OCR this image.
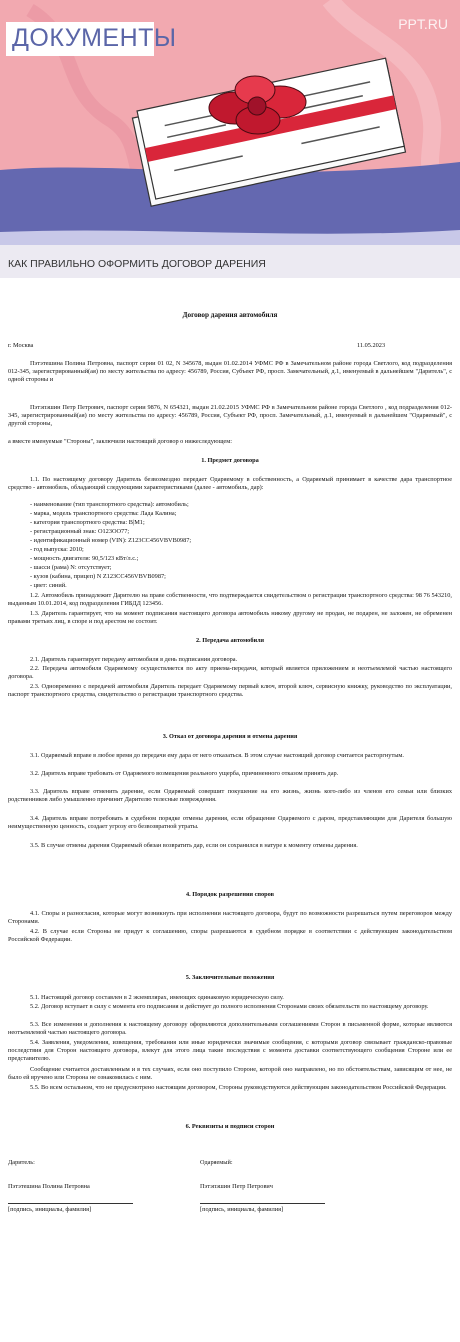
ДОКУМЕНТЫ	PPT.RU
КАК ПРАВИЛЬНО ОФОРМИТЬ ДОГОВОР ДАРЕНИЯ

Договор дарения автомобиля

г. Москва	11.05.2023

Пэтэтешина Полина Петровна, паспорт серии 01 02, N 345678, выдан 01.02.2014 УФМС РФ в Замечательном районе города Светлого, код подразделения 012-345, зарегистрированный(ая) по месту жительства по адресу: 456789, Россия, Субъект РФ, просп. Замечательный, д.1, именуемый в дальнейшем "Даритель", с одной стороны и

Пэтэпэшин Петр Петрович, паспорт серии 9876, N 654321, выдан 21.02.2015 УФМС РФ в Замечательном районе города Светлого , код подразделения 012-345, зарегистрированный(ая) по месту жительства по адресу: 456789, Россия, Субъект РФ, просп. Замечательный, д.1, именуемый в дальнейшем "Одаряемый", с другой стороны,

а вместе именуемые "Стороны", заключили настоящий договор о нижеследующем:

1. Предмет договора

1.1. По настоящему договору Даритель безвозмездно передает Одаряемому в собственность, а Одаряемый принимает в качестве дара транспортное средство - автомобиль, обладающий следующими характеристиками (далее - автомобиль, дар):

- наименование (тип транспортного средства): автомобиль;
- марка, модель транспортного средства: Лада Калина;
- категория транспортного средства: B|M1;
- регистрационный знак: О123ОО77;
- идентификационный номер (VIN): Z123CC456VBVB0987;
- год выпуска: 2010;
- мощность двигателя: 90,5/123 кВт/л.с.;
- шасси (рама) N: отсутствует;
- кузов (кабина, прицеп) N Z123CC456VBVB0987;
- цвет: синий.

1.2. Автомобиль принадлежит Дарителю на праве собственности, что подтверждается свидетельством о регистрации транспортного средства: 98 76 543210, выданным 10.01.2014, код подразделения ГИБДД 123456.

1.3. Даритель гарантирует, что на момент подписания настоящего договора автомобиль никому другому не продан, не подарен, не заложен, не обременен правами третьих лиц, в споре и под арестом не состоит.

2. Передача автомобиля

2.1. Даритель гарантирует передачу автомобиля в день подписания договора.

2.2. Передача автомобиля Одаряемому осуществляется по акту приема-передачи, который является приложением и неотъемлемой частью настоящего договора.

2.3. Одновременно с передачей автомобиля Даритель передает Одаряемому первый ключ, второй ключ, сервисную книжку, руководство по эксплуатации, паспорт транспортного средства, свидетельство о регистрации транспортного средства.

3. Отказ от договора дарения и отмена дарения

3.1. Одаряемый вправе в любое время до передачи ему дара от него отказаться. В этом случае настоящий договор считается расторгнутым.

3.2. Даритель вправе требовать от Одаряемого возмещения реального ущерба, причиненного отказом принять дар.

3.3. Даритель вправе отменить дарение, если Одаряемый совершит покушение на его жизнь, жизнь кого-либо из членов его семьи или близких родственников либо умышленно причинит Дарителю телесные повреждения.

3.4. Даритель вправе потребовать в судебном порядке отмены дарения, если обращение Одаряемого с даром, представляющим для Дарителя большую неимущественную ценность, создает угрозу его безвозвратной утраты.

3.5. В случае отмены дарения Одаряемый обязан возвратить дар, если он сохранился в натуре к моменту отмены дарения.

4. Порядок разрешения споров

4.1. Споры и разногласия, которые могут возникнуть при исполнении настоящего договора, будут по возможности разрешаться путем переговоров между Сторонами.

4.2. В случае если Стороны не придут к соглашению, споры разрешаются в судебном порядке в соответствии с действующим законодательством Российской Федерации.

5. Заключительные положения

5.1. Настоящий договор составлен в 2 экземплярах, имеющих одинаковую юридическую силу.

5.2. Договор вступает в силу с момента его подписания и действует до полного исполнения Сторонами своих обязательств по настоящему договору.

5.3. Все изменения и дополнения к настоящему договору оформляются дополнительными соглашениями Сторон в письменной форме, которые являются неотъемлемой частью настоящего договора.

5.4. Заявления, уведомления, извещения, требования или иные юридически значимые сообщения, с которыми договор связывает гражданско-правовые последствия для Сторон настоящего договора, влекут для этого лица такие последствия с момента доставки соответствующего сообщения Стороне или ее представителю.

Сообщение считается доставленным и в тех случаях, если оно поступило Стороне, которой оно направлено, но по обстоятельствам, зависящим от нее, не было ей вручено или Сторона не ознакомилась с ним.

5.5. Во всем остальном, что не предусмотрено настоящим договором, Стороны руководствуются действующим законодательством Российской Федерации.

6. Реквизиты и подписи сторон

Даритель:	Одаряемый:

Пэтэтешина Полина Петровна	Пэтэпэшин Петр Петрович

[подпись, инициалы, фамилия]	[подпись, инициалы, фамилия]
